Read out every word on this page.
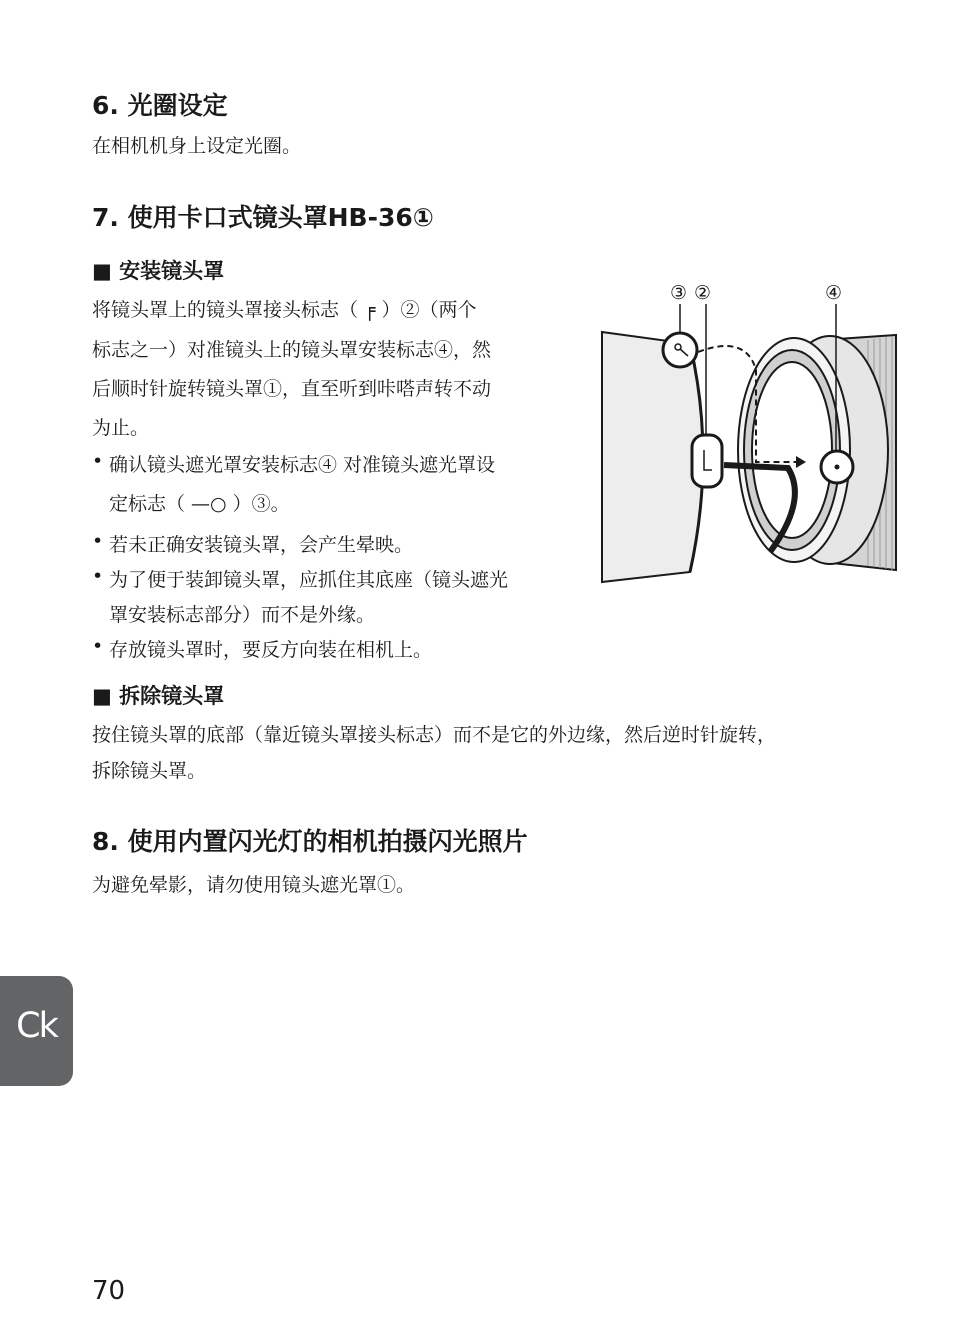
6. 光圈设定
在相机机身上设定光圈。
7. 使用卡口式镜头罩HB-36①
■ 安装镜头罩
将镜头罩上的镜头罩接头标志（ ╒ ）②（两个
标志之一）对准镜头上的镜头罩安装标志④，然
后顺时针旋转镜头罩①，直至听到咔嗒声转不动
为止。
• 确认镜头遮光罩安装标志④ 对准镜头遮光罩设
定标志（ —○ ）③。
• 若未正确安装镜头罩，会产生晕映。
• 为了便于装卸镜头罩，应抓住其底座（镜头遮光
罩安装标志部分）而不是外缘。
• 存放镜头罩时，要反方向装在相机上。
③ ②	④
■ 拆除镜头罩
按住镜头罩的底部（靠近镜头罩接头标志）而不是它的外边缘，然后逆时针旋转，
拆除镜头罩。
8. 使用内置闪光灯的相机拍摄闪光照片
为避免晕影，请勿使用镜头遮光罩①。
Ck
70
